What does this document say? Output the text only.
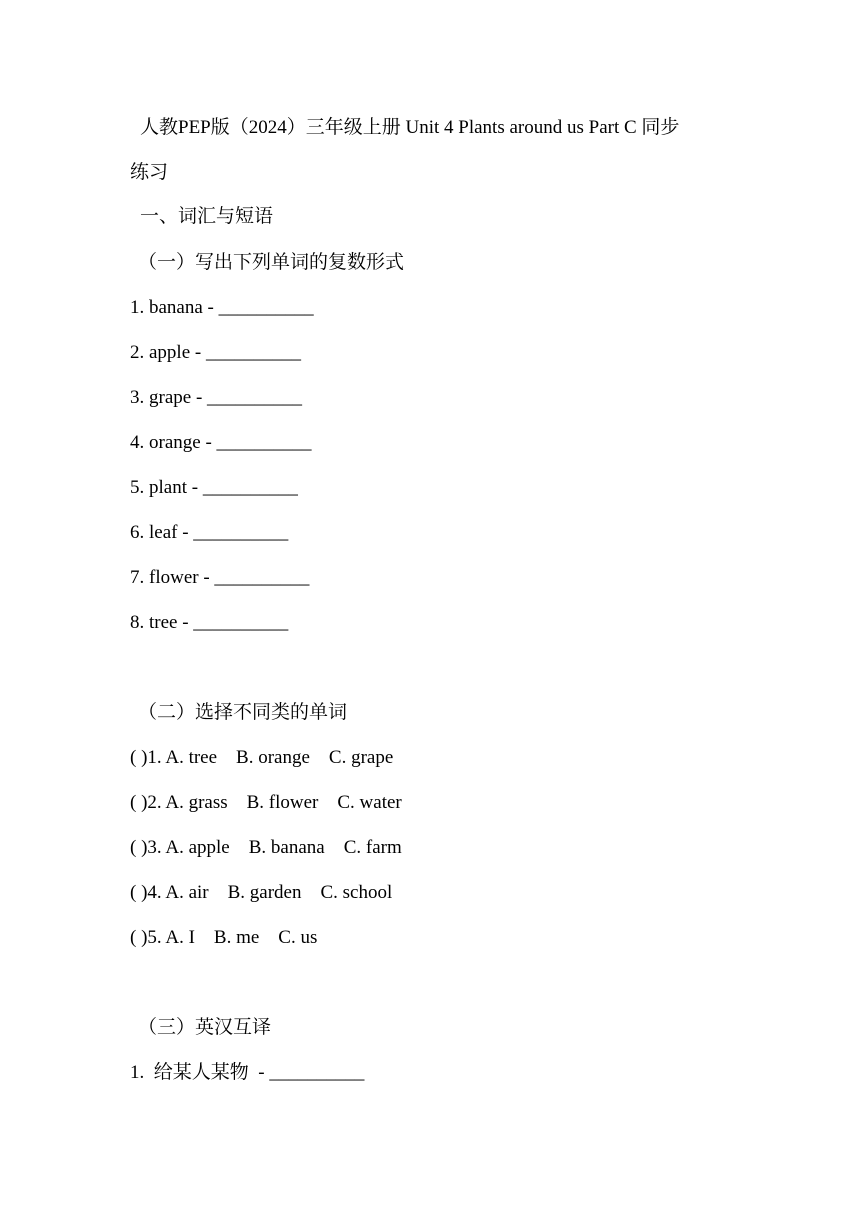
人教PEP版（2024）三年级上册 Unit 4 Plants around us Part C 同步
练习
一、词汇与短语
（一）写出下列单词的复数形式
1. banana - __________
2. apple - __________
3. grape - __________
4. orange - __________
5. plant - __________
6. leaf - __________
7. flower - __________
8. tree - __________
（二）选择不同类的单词
( )1. A. tree    B. orange    C. grape
( )2. A. grass    B. flower    C. water
( )3. A. apple    B. banana    C. farm
( )4. A. air    B. garden    C. school
( )5. A. I    B. me    C. us
（三）英汉互译
1.  给某人某物  - __________
